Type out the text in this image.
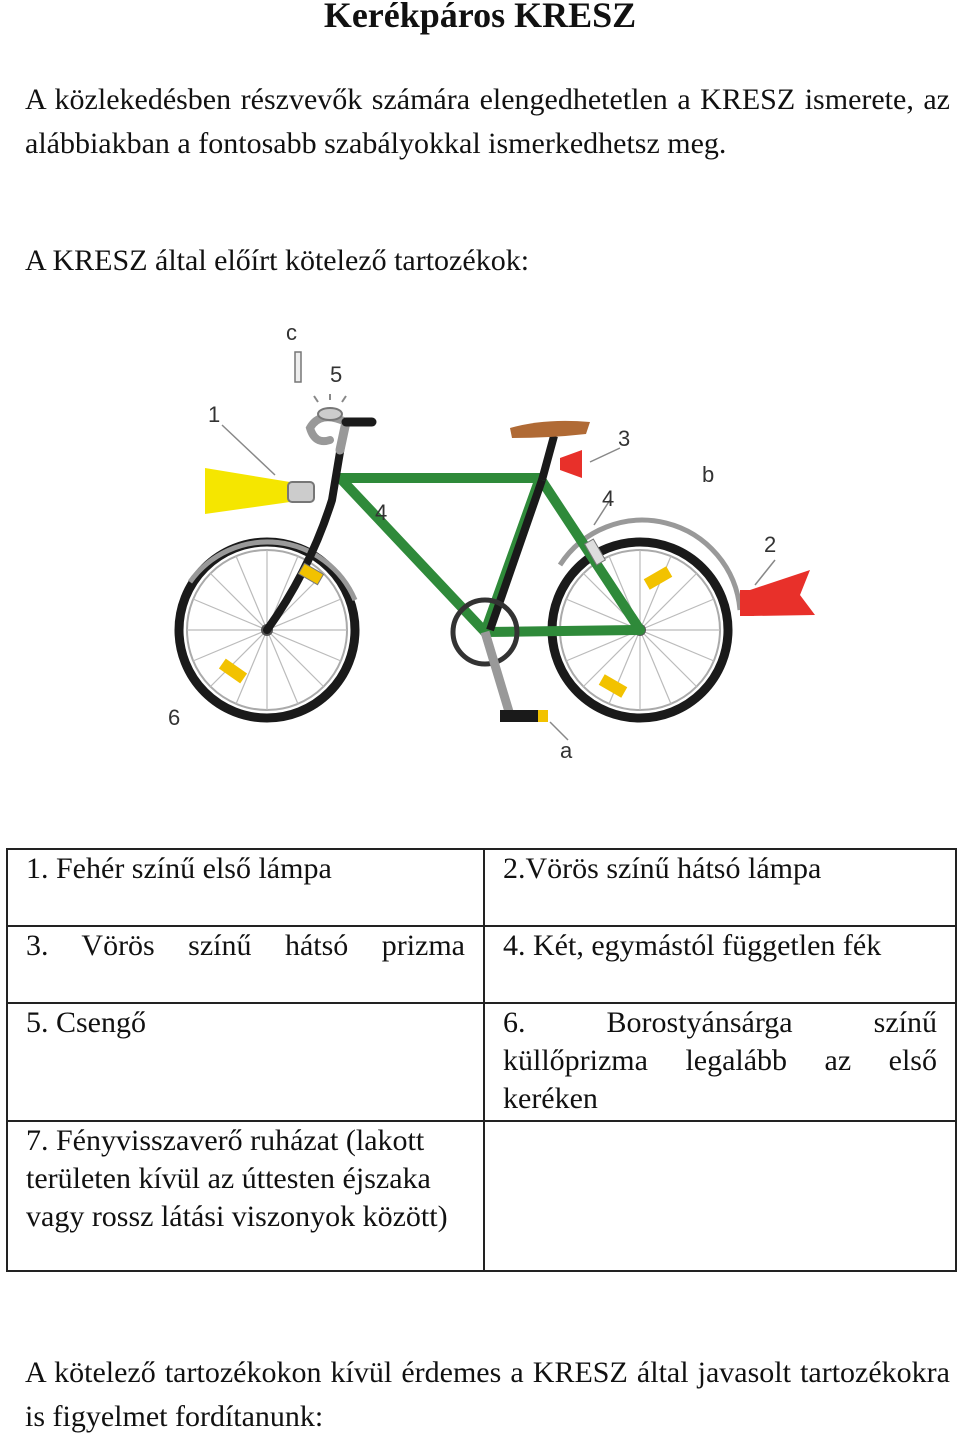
Kerékpáros KRESZ

A közlekedésben részvevők számára elengedhetetlen a KRESZ ismerete, az alábbiakban a fontosabb szabályokkal ismerkedhetsz meg.

A KRESZ által előírt kötelező tartozékok:

c
5
1
3
b
4
4
2
6
a
1. Fehér színű első lámpa	2.Vörös színű hátsó lámpa

3. Vörös színű hátsó prizma	4. Két, egymástól független fék
5. Csengő	6. Borostyánsárga színű küllőprizma legalább az első keréken

7. Fényvisszaverő ruházat (lakott területen kívül az úttesten éjszaka vagy rossz látási viszonyok között)	

A kötelező tartozékokon kívül érdemes a KRESZ által javasolt tartozékokra is figyelmet fordítanunk:
